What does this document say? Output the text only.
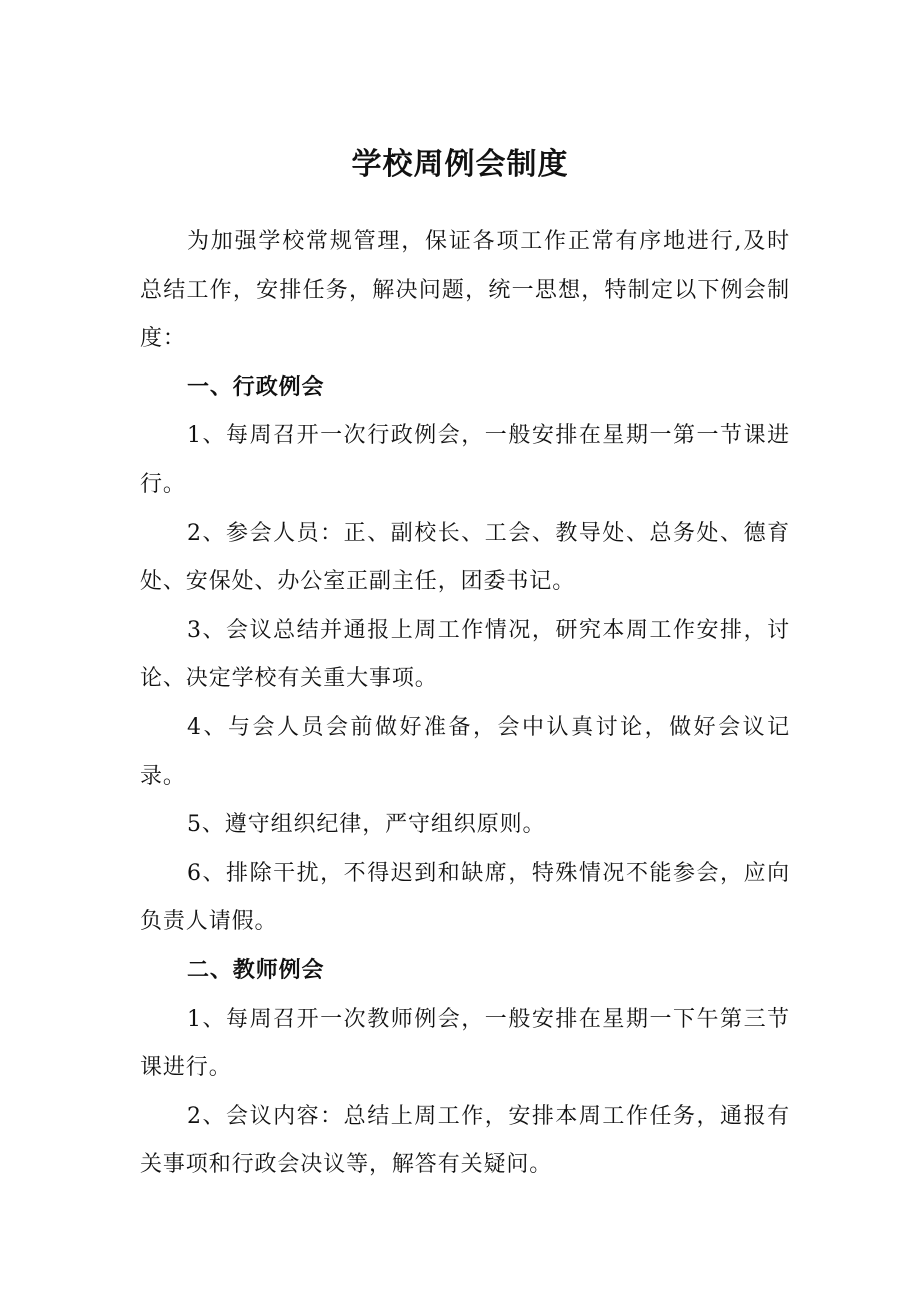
学校周例会制度

为加强学校常规管理，保证各项工作正常有序地进行,及时总结工作，安排任务，解决问题，统一思想，特制定以下例会制度：

一、行政例会

1、每周召开一次行政例会，一般安排在星期一第一节课进行。

2、参会人员：正、副校长、工会、教导处、总务处、德育处、安保处、办公室正副主任，团委书记。

3、会议总结并通报上周工作情况，研究本周工作安排，讨论、决定学校有关重大事项。

4、与会人员会前做好准备，会中认真讨论，做好会议记录。

5、遵守组织纪律，严守组织原则。

6、排除干扰，不得迟到和缺席，特殊情况不能参会，应向负责人请假。

二、教师例会

1、每周召开一次教师例会，一般安排在星期一下午第三节课进行。

2、会议内容：总结上周工作，安排本周工作任务，通报有关事项和行政会决议等，解答有关疑问。
